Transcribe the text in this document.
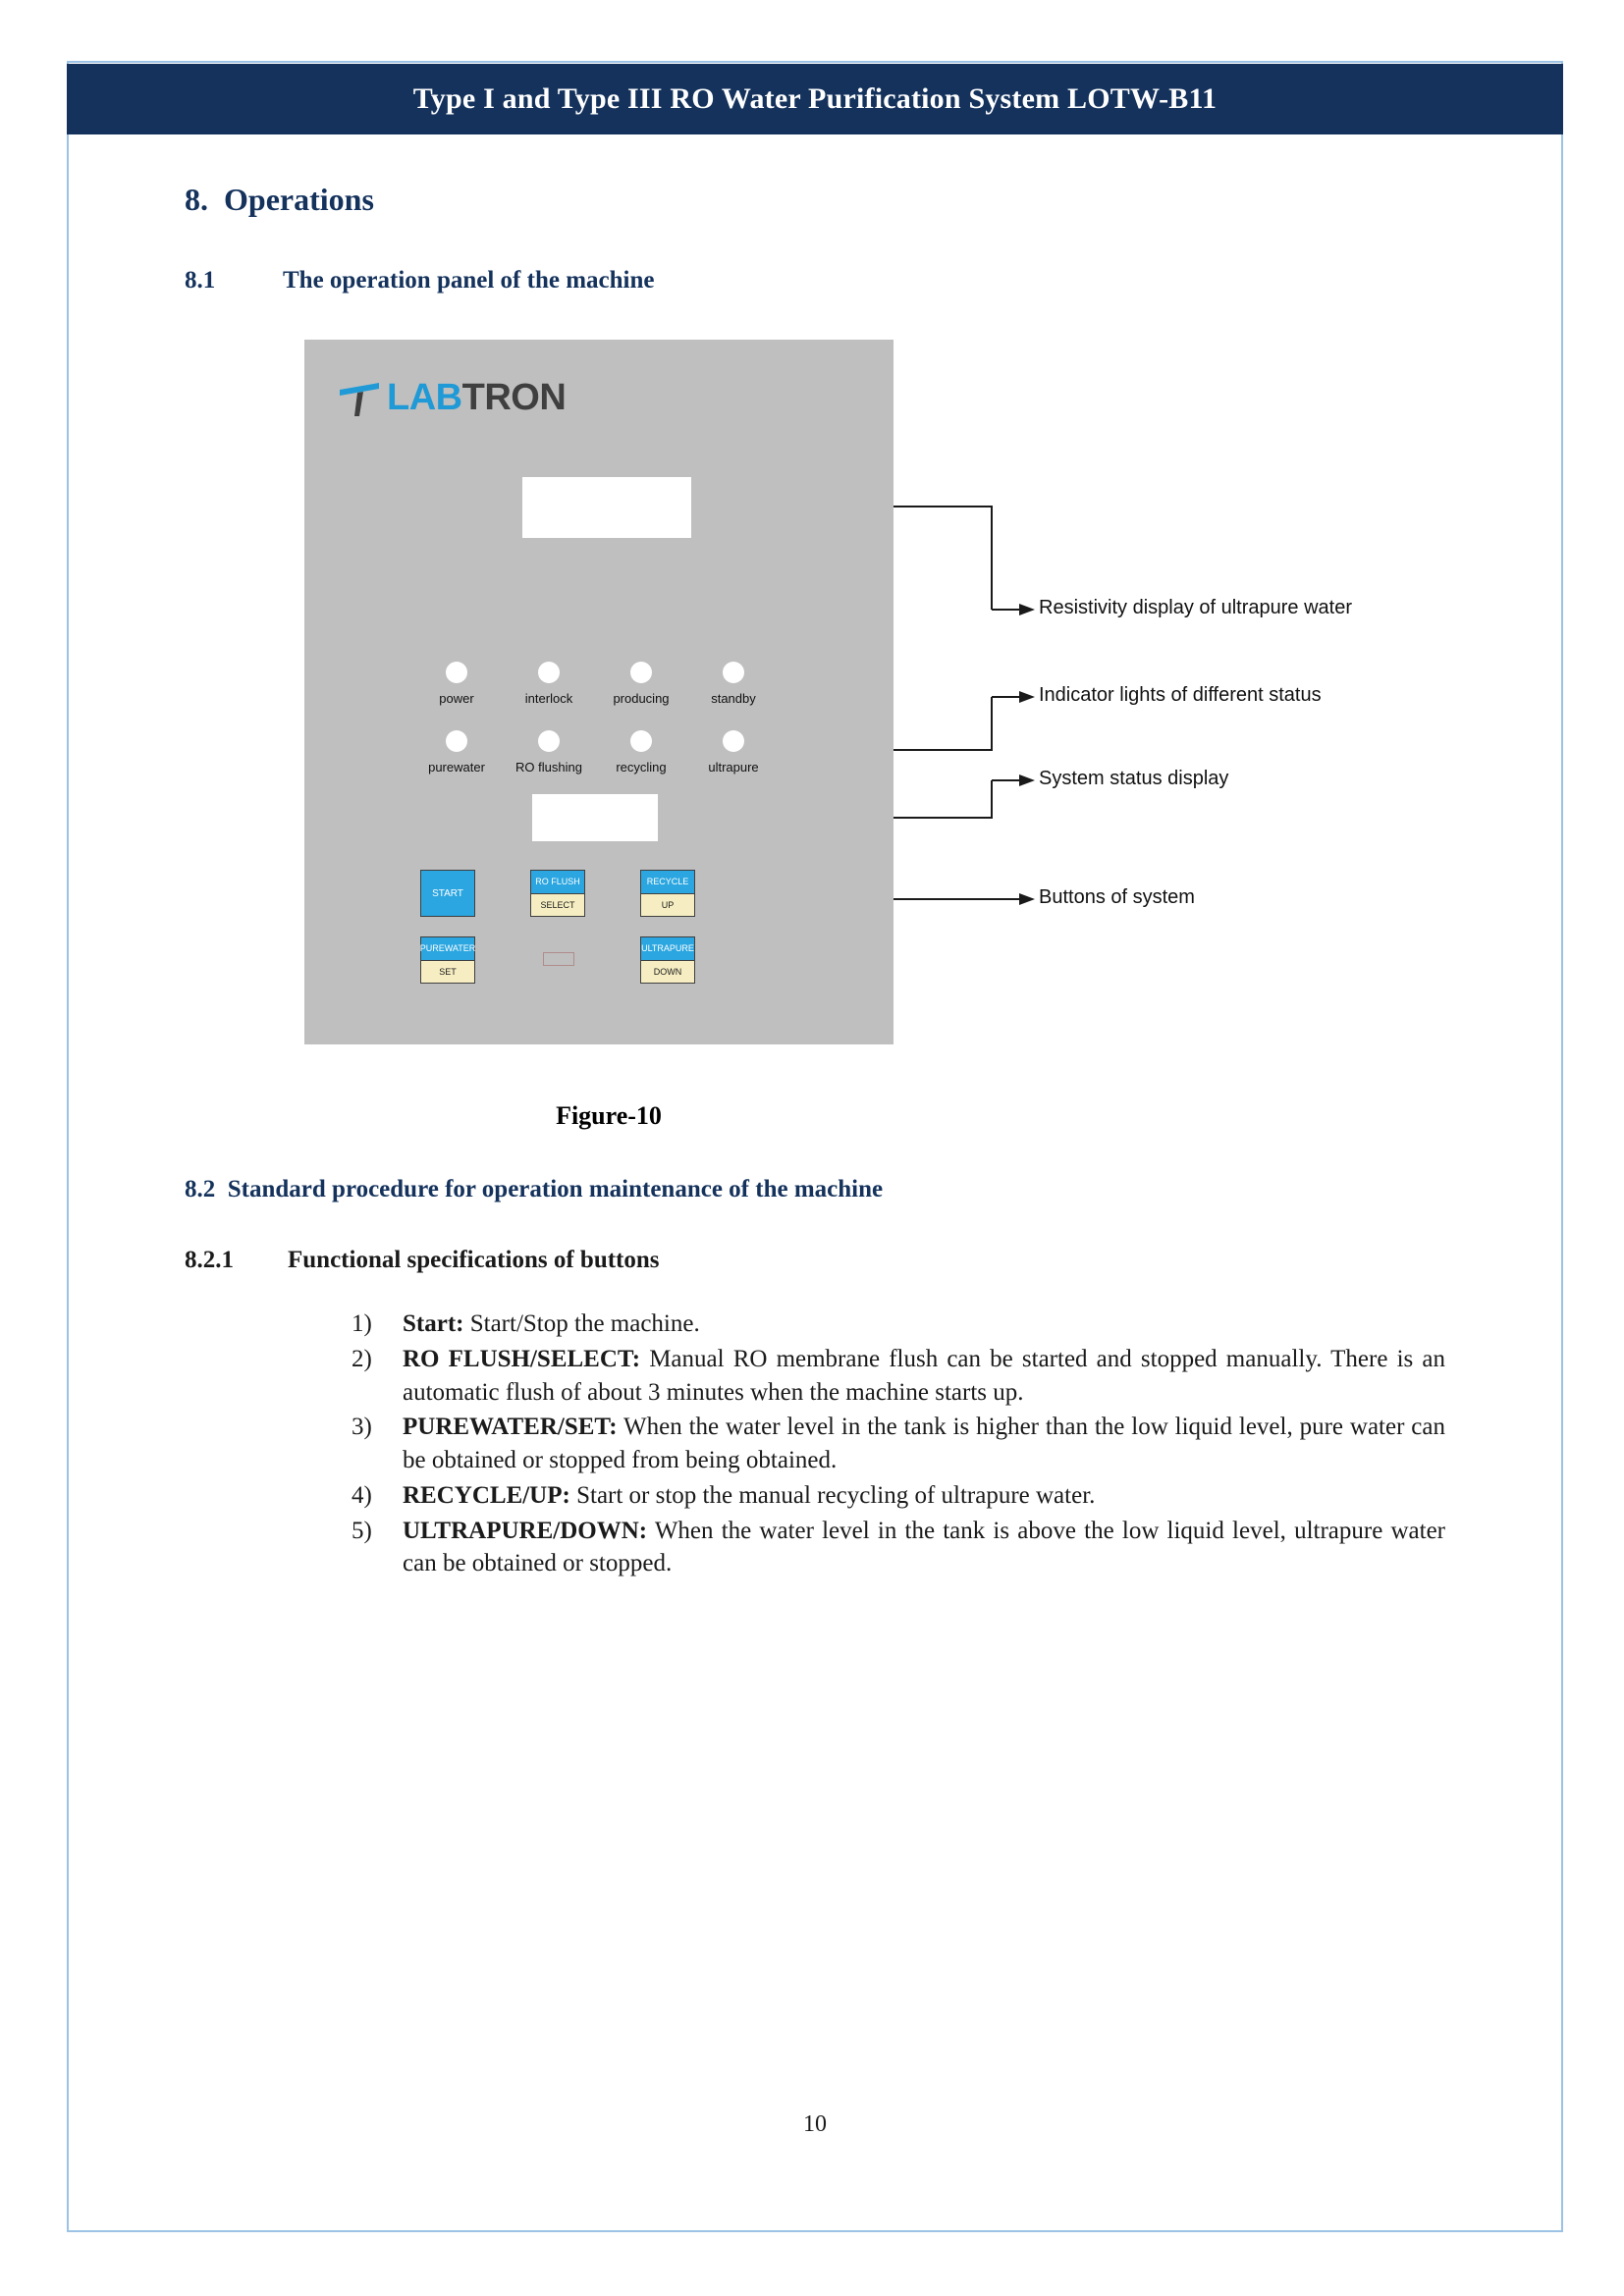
Type I and Type III RO Water Purification System LOTW-B11
8. Operations
8.1	The operation panel of the machine
LABTRON
power	interlock	producing	standby
purewater	RO flushing	recycling	ultrapure
START
RO FLUSH
SELECT
RECYCLE
UP
PUREWATER
SET
ULTRAPURE
DOWN
Resistivity display of ultrapure water
Indicator lights of different status
System status display
Buttons of system
Figure-10
8.2 Standard procedure for operation maintenance of the machine
8.2.1 Functional specifications of buttons
1)	Start: Start/Stop the machine.
2)	RO FLUSH/SELECT: Manual RO membrane flush can be started and stopped manually. There is an automatic flush of about 3 minutes when the machine starts up.
3)	PUREWATER/SET: When the water level in the tank is higher than the low liquid level, pure water can be obtained or stopped from being obtained.
4)	RECYCLE/UP: Start or stop the manual recycling of ultrapure water.
5)	ULTRAPURE/DOWN: When the water level in the tank is above the low liquid level, ultrapure water can be obtained or stopped.
10
